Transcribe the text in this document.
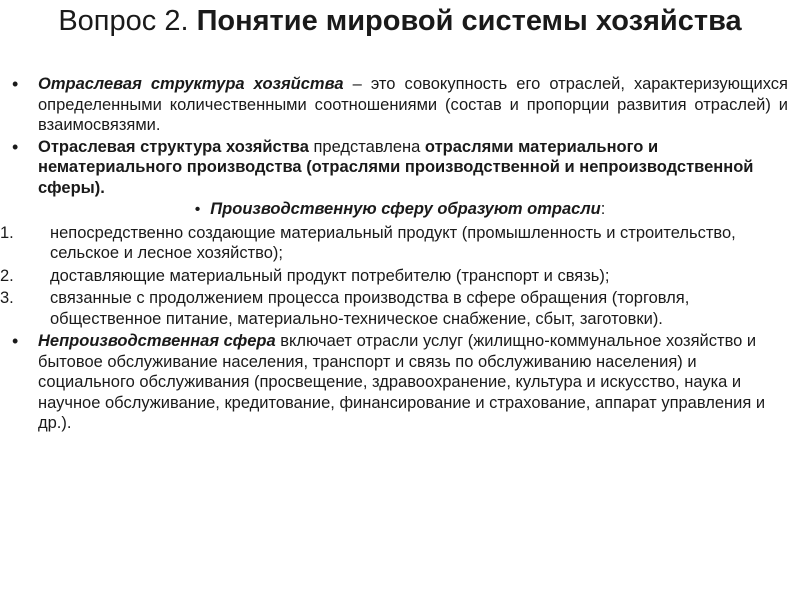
Вопрос 2. Понятие мировой системы хозяйства
• Отраслевая структура хозяйства – это совокупность его отраслей, характеризующихся определенными количественными соотношениями (состав и пропорции развития отраслей) и взаимосвязями.
• Отраслевая структура хозяйства представлена отраслями материального и нематериального производства (отраслями производственной и непроизводственной сферы).
• Производственную сферу образуют отрасли:
1. непосредственно создающие материальный продукт (промышленность и строительство, сельское и лесное хозяйство);
2. доставляющие материальный продукт потребителю (транспорт и связь);
3. связанные с продолжением процесса производства в сфере обращения (торговля, общественное питание, материально-техническое снабжение, сбыт, заготовки).
• Непроизводственная сфера включает отрасли услуг (жилищно-коммунальное хозяйство и бытовое обслуживание населения, транспорт и связь по обслуживанию населения) и социального обслуживания (просвещение, здравоохранение, культура и искусство, наука и научное обслуживание, кредитование, финансирование и страхование, аппарат управления и др.).
